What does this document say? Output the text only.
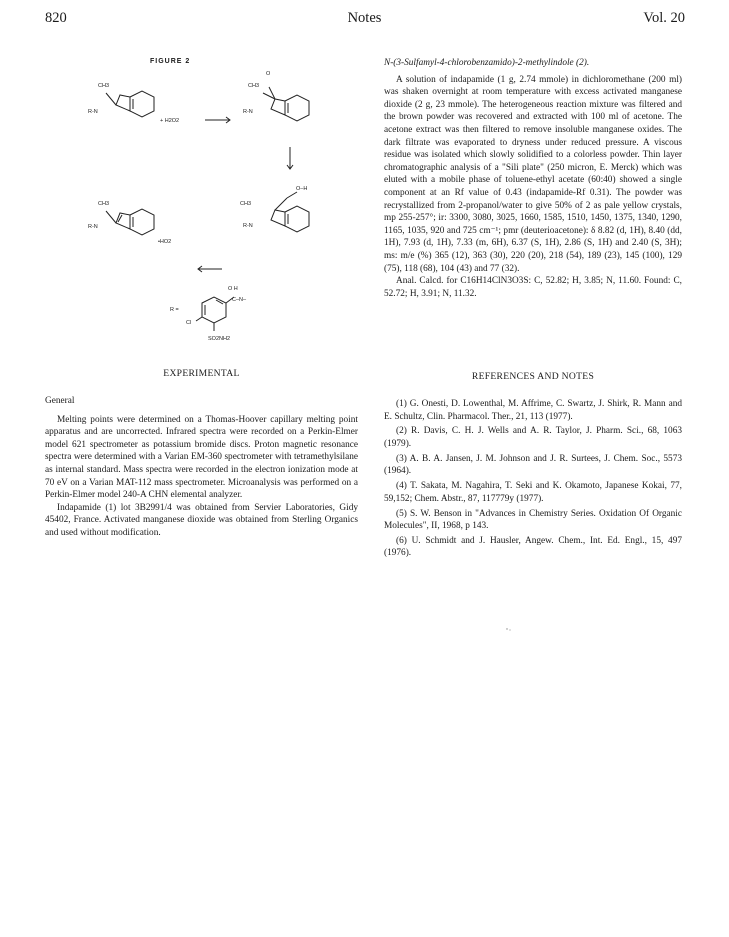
820	Notes	Vol. 20
FIGURE 2
CH3
R-N
+ H2O2
CH3
O
R-N
CH3
O–H
R-N
CH3
R-N
•HO2
O H
C–N–
R =
Cl
SO2NH2

N-(3-Sulfamyl-4-chlorobenzamido)-2-methylindole (2).

A solution of indapamide (1 g, 2.74 mmole) in dichloromethane (200 ml) was shaken overnight at room temperature with excess activated manganese dioxide (2 g, 23 mmole). The heterogeneous reaction mixture was filtered and the brown powder was recovered and extracted with 100 ml of acetone. The acetone extract was then filtered to remove insoluble manganese oxides. The dark filtrate was evaporated to dryness under reduced pressure. A viscous residue was isolated which slowly solidified to a colorless powder. Thin layer chromatographic analysis of a "Sili plate" (250 micron, E. Merck) which was eluted with a mobile phase of toluene-ethyl acetate (60:40) showed a single component at an Rf value of 0.43 (indapamide-Rf 0.31). The powder was recrystallized from 2-propanol/water to give 50% of 2 as pale yellow crystals, mp 255-257°; ir: 3300, 3080, 3025, 1660, 1585, 1510, 1450, 1375, 1340, 1290, 1165, 1035, 920 and 725 cm⁻¹; pmr (deuterioacetone): δ 8.82 (d, 1H), 8.40 (dd, 1H), 7.93 (d, 1H), 7.33 (m, 6H), 6.37 (S, 1H), 2.86 (S, 1H) and 2.40 (S, 3H); ms: m/e (%) 365 (12), 363 (30), 220 (20), 218 (54), 189 (23), 145 (100), 129 (75), 118 (68), 104 (43) and 77 (32).

Anal. Calcd. for C16H14ClN3O3S: C, 52.82; H, 3.85; N, 11.60. Found: C, 52.72; H, 3.91; N, 11.32.

EXPERIMENTAL

General

Melting points were determined on a Thomas-Hoover capillary melting point apparatus and are uncorrected. Infrared spectra were recorded on a Perkin-Elmer model 621 spectrometer as potassium bromide discs. Proton magnetic resonance spectra were determined with a Varian EM-360 spectrometer with tetramethylsilane as internal standard. Mass spectra were recorded in the electron ionization mode at 70 eV on a Varian MAT-112 mass spectrometer. Microanalysis was performed on a Perkin-Elmer model 240-A CHN elemental analyzer.

Indapamide (1) lot 3B2991/4 was obtained from Servier Laboratories, Gidy 45402, France. Activated manganese dioxide was obtained from Sterling Organics and used without modification.

REFERENCES AND NOTES

(1) G. Onesti, D. Lowenthal, M. Affrime, C. Swartz, J. Shirk, R. Mann and E. Schultz, Clin. Pharmacol. Ther., 21, 113 (1977).

(2) R. Davis, C. H. J. Wells and A. R. Taylor, J. Pharm. Sci., 68, 1063 (1979).

(3) A. B. A. Jansen, J. M. Johnson and J. R. Surtees, J. Chem. Soc., 5573 (1964).

(4) T. Sakata, M. Nagahira, T. Seki and K. Okamoto, Japanese Kokai, 77, 59,152; Chem. Abstr., 87, 117779y (1977).

(5) S. W. Benson in "Advances in Chemistry Series. Oxidation Of Organic Molecules", II, 1968, p 143.

(6) U. Schmidt and J. Hausler, Angew. Chem., Int. Ed. Engl., 15, 497 (1976).
